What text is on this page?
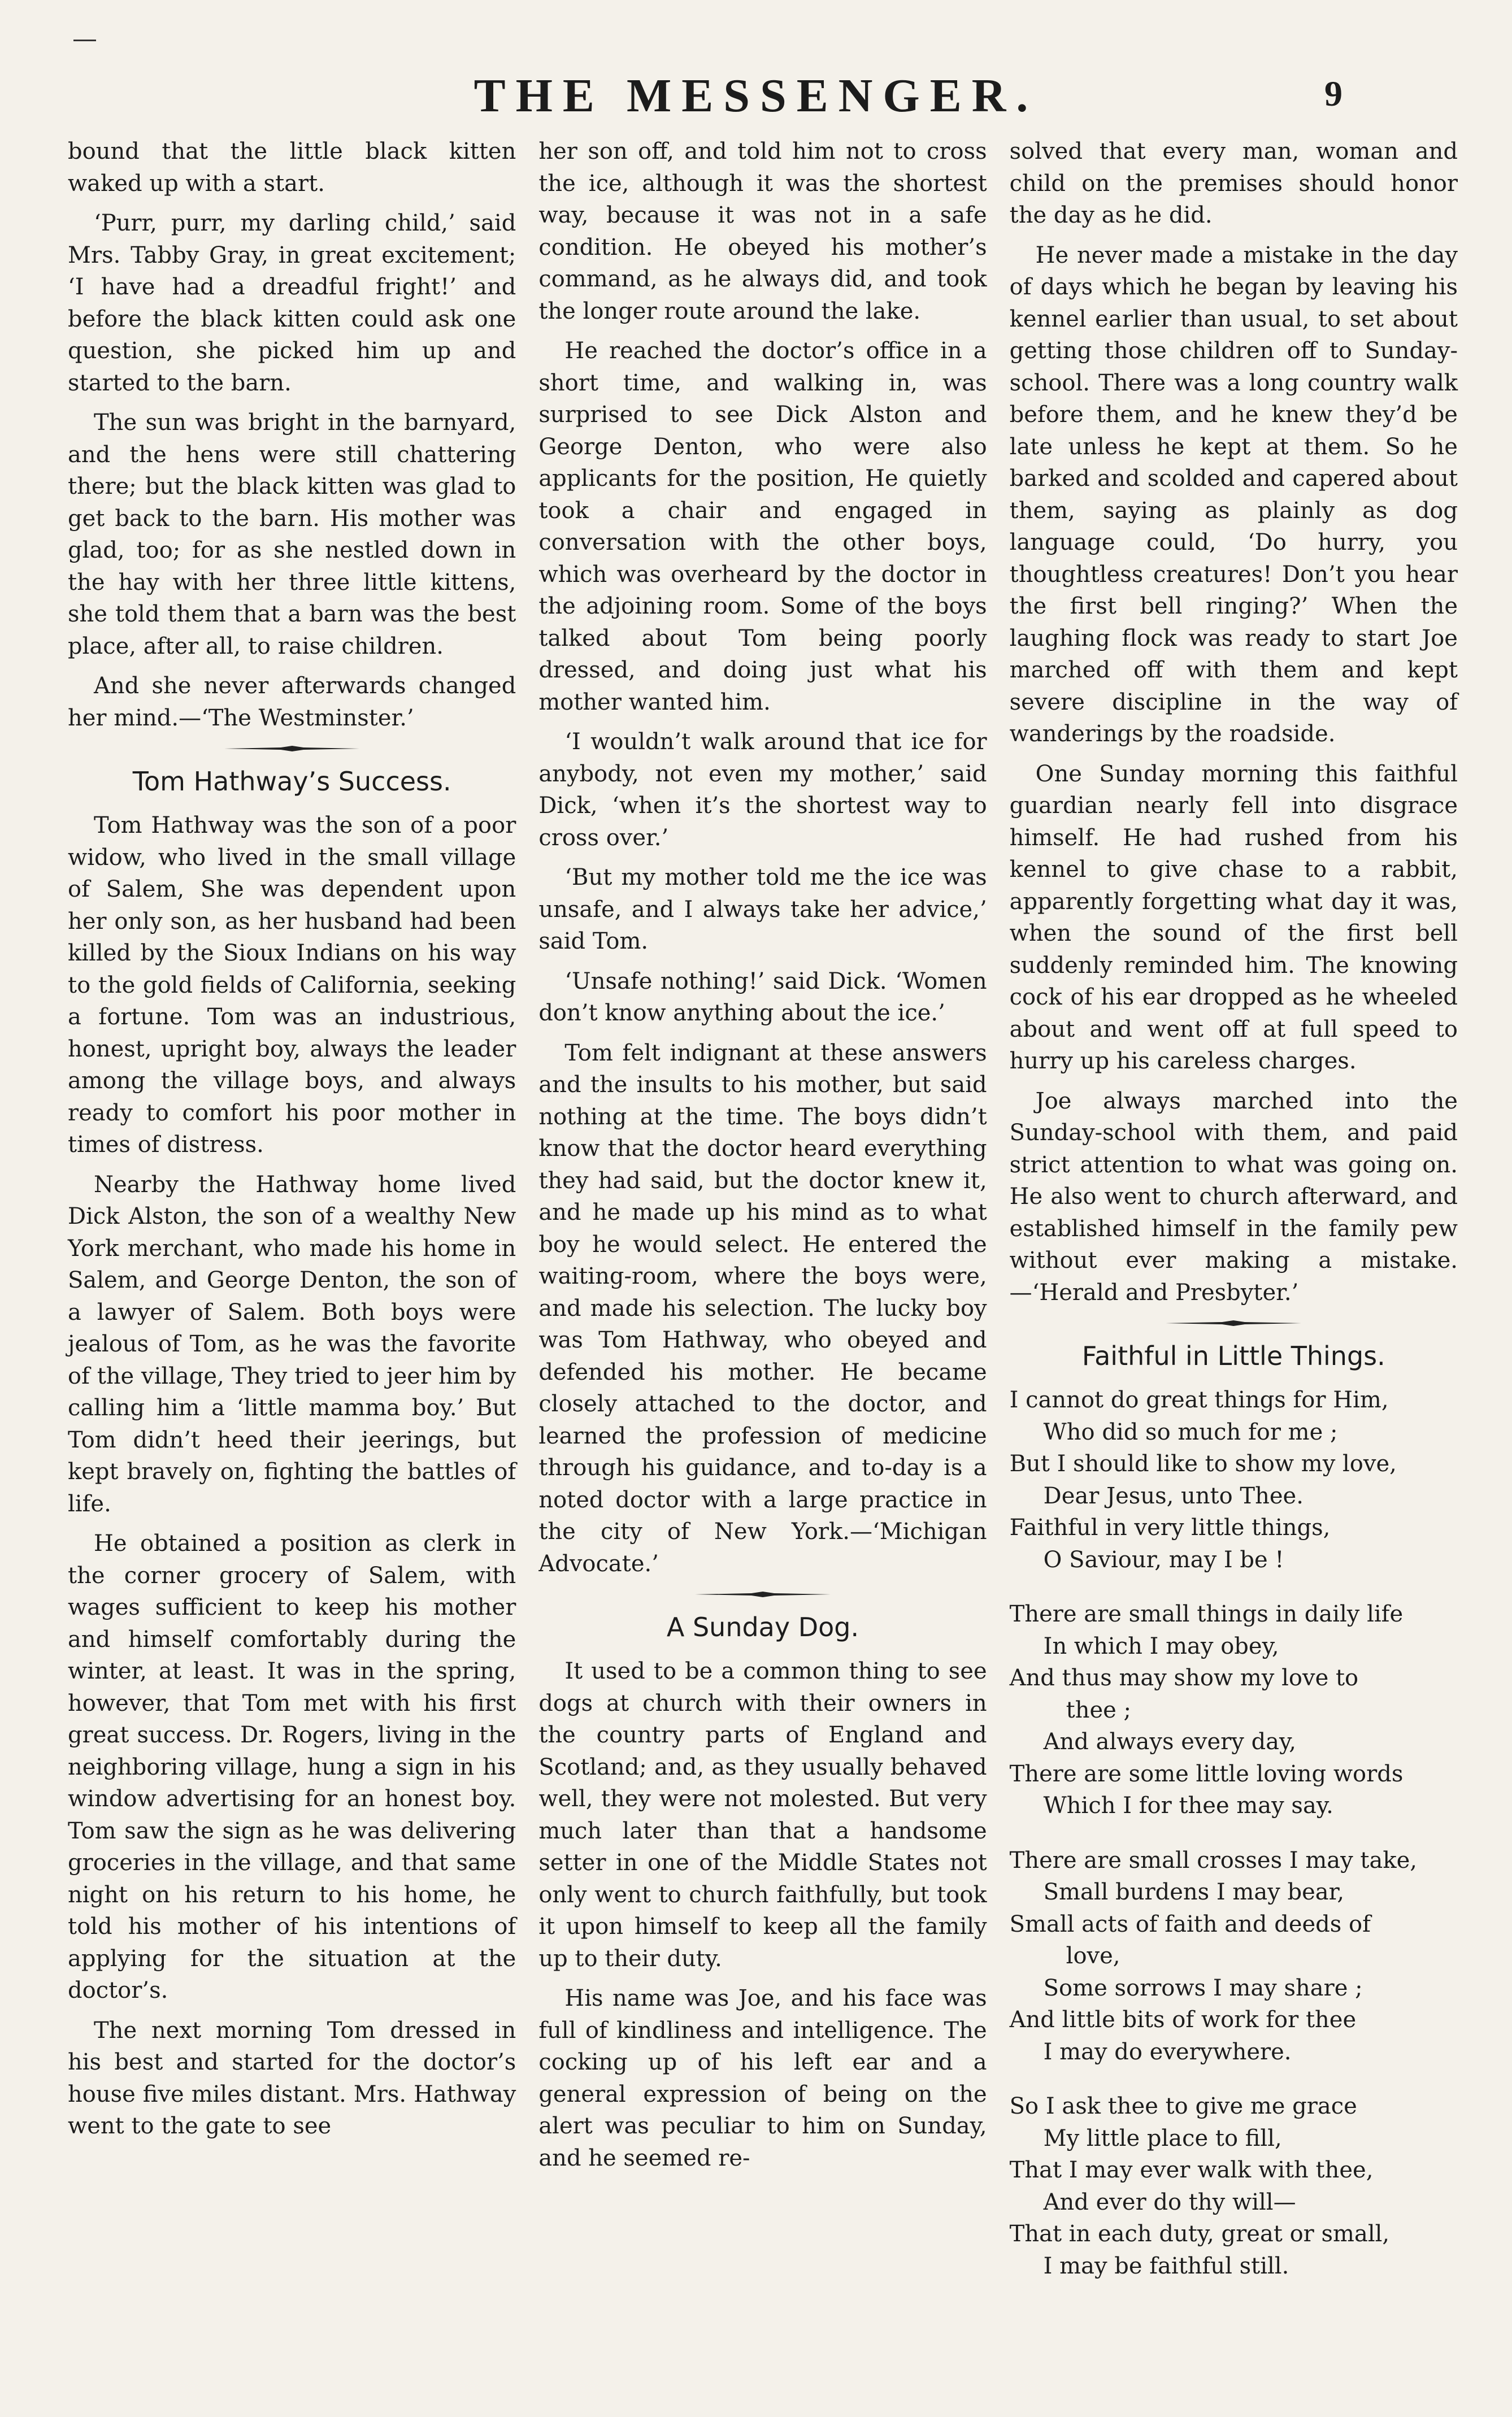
THE MESSENGER.	9

bound that the little black kitten waked up with a start.

‘Purr, purr, my darling child,’ said Mrs. Tabby Gray, in great excitement; ‘I have had a dreadful fright!’ and before the black kitten could ask one question, she picked him up and started to the barn.

The sun was bright in the barnyard, and the hens were still chattering there; but the black kitten was glad to get back to the barn. His mother was glad, too; for as she nestled down in the hay with her three little kittens, she told them that a barn was the best place, after all, to raise children.

And she never afterwards changed her mind.—‘The Westminster.’

Tom Hathway’s Success.

Tom Hathway was the son of a poor widow, who lived in the small village of Salem, She was dependent upon her only son, as her husband had been killed by the Sioux Indians on his way to the gold fields of California, seeking a fortune. Tom was an industrious, honest, upright boy, always the leader among the village boys, and always ready to comfort his poor mother in times of distress.

Nearby the Hathway home lived Dick Alston, the son of a wealthy New York merchant, who made his home in Salem, and George Denton, the son of a lawyer of Salem. Both boys were jealous of Tom, as he was the favorite of the village, They tried to jeer him by calling him a ‘little mamma boy.’ But Tom didn’t heed their jeerings, but kept bravely on, fighting the battles of life.

He obtained a position as clerk in the corner grocery of Salem, with wages sufficient to keep his mother and himself comfortably during the winter, at least. It was in the spring, however, that Tom met with his first great success. Dr. Rogers, living in the neighboring village, hung a sign in his window advertising for an honest boy. Tom saw the sign as he was delivering groceries in the village, and that same night on his return to his home, he told his mother of his intentions of applying for the situation at the doctor’s.

The next morning Tom dressed in his best and started for the doctor’s house five miles distant. Mrs. Hathway went to the gate to see

her son off, and told him not to cross the ice, although it was the shortest way, because it was not in a safe condition. He obeyed his mother’s command, as he always did, and took the longer route around the lake.

He reached the doctor’s office in a short time, and walking in, was surprised to see Dick Alston and George Denton, who were also applicants for the position, He quietly took a chair and engaged in conversation with the other boys, which was overheard by the doctor in the adjoining room. Some of the boys talked about Tom being poorly dressed, and doing just what his mother wanted him.

‘I wouldn’t walk around that ice for anybody, not even my mother,’ said Dick, ‘when it’s the shortest way to cross over.’

‘But my mother told me the ice was unsafe, and I always take her advice,’ said Tom.

‘Unsafe nothing!’ said Dick. ‘Women don’t know anything about the ice.’

Tom felt indignant at these answers and the insults to his mother, but said nothing at the time. The boys didn’t know that the doctor heard everything they had said, but the doctor knew it, and he made up his mind as to what boy he would select. He entered the waiting-room, where the boys were, and made his selection. The lucky boy was Tom Hathway, who obeyed and defended his mother. He became closely attached to the doctor, and learned the profession of medicine through his guidance, and to-day is a noted doctor with a large practice in the city of New York.—‘Michigan Advocate.’

A Sunday Dog.

It used to be a common thing to see dogs at church with their owners in the country parts of England and Scotland; and, as they usually behaved well, they were not molested. But very much later than that a handsome setter in one of the Middle States not only went to church faithfully, but took it upon himself to keep all the family up to their duty.

His name was Joe, and his face was full of kindliness and intelligence. The cocking up of his left ear and a general expression of being on the alert was peculiar to him on Sunday, and he seemed re-

solved that every man, woman and child on the premises should honor the day as he did.

He never made a mistake in the day of days which he began by leaving his kennel earlier than usual, to set about getting those children off to Sunday-school. There was a long country walk before them, and he knew they’d be late unless he kept at them. So he barked and scolded and capered about them, saying as plainly as dog language could, ‘Do hurry, you thoughtless creatures! Don’t you hear the first bell ringing?’ When the laughing flock was ready to start Joe marched off with them and kept severe discipline in the way of wanderings by the roadside.

One Sunday morning this faithful guardian nearly fell into disgrace himself. He had rushed from his kennel to give chase to a rabbit, apparently forgetting what day it was, when the sound of the first bell suddenly reminded him. The knowing cock of his ear dropped as he wheeled about and went off at full speed to hurry up his careless charges.

Joe always marched into the Sunday-school with them, and paid strict attention to what was going on. He also went to church afterward, and established himself in the family pew without ever making a mistake.—‘Herald and Presbyter.’

Faithful in Little Things.
I cannot do great things for Him,
Who did so much for me ;
But I should like to show my love,
Dear Jesus, unto Thee.
Faithful in very little things,
O Saviour, may I be !
There are small things in daily life
In which I may obey,
And thus may show my love to
thee ;
And always every day,
There are some little loving words
Which I for thee may say.
There are small crosses I may take,
Small burdens I may bear,
Small acts of faith and deeds of
love,
Some sorrows I may share ;
And little bits of work for thee
I may do everywhere.
So I ask thee to give me grace
My little place to fill,
That I may ever walk with thee,
And ever do thy will—
That in each duty, great or small,
I may be faithful still.
